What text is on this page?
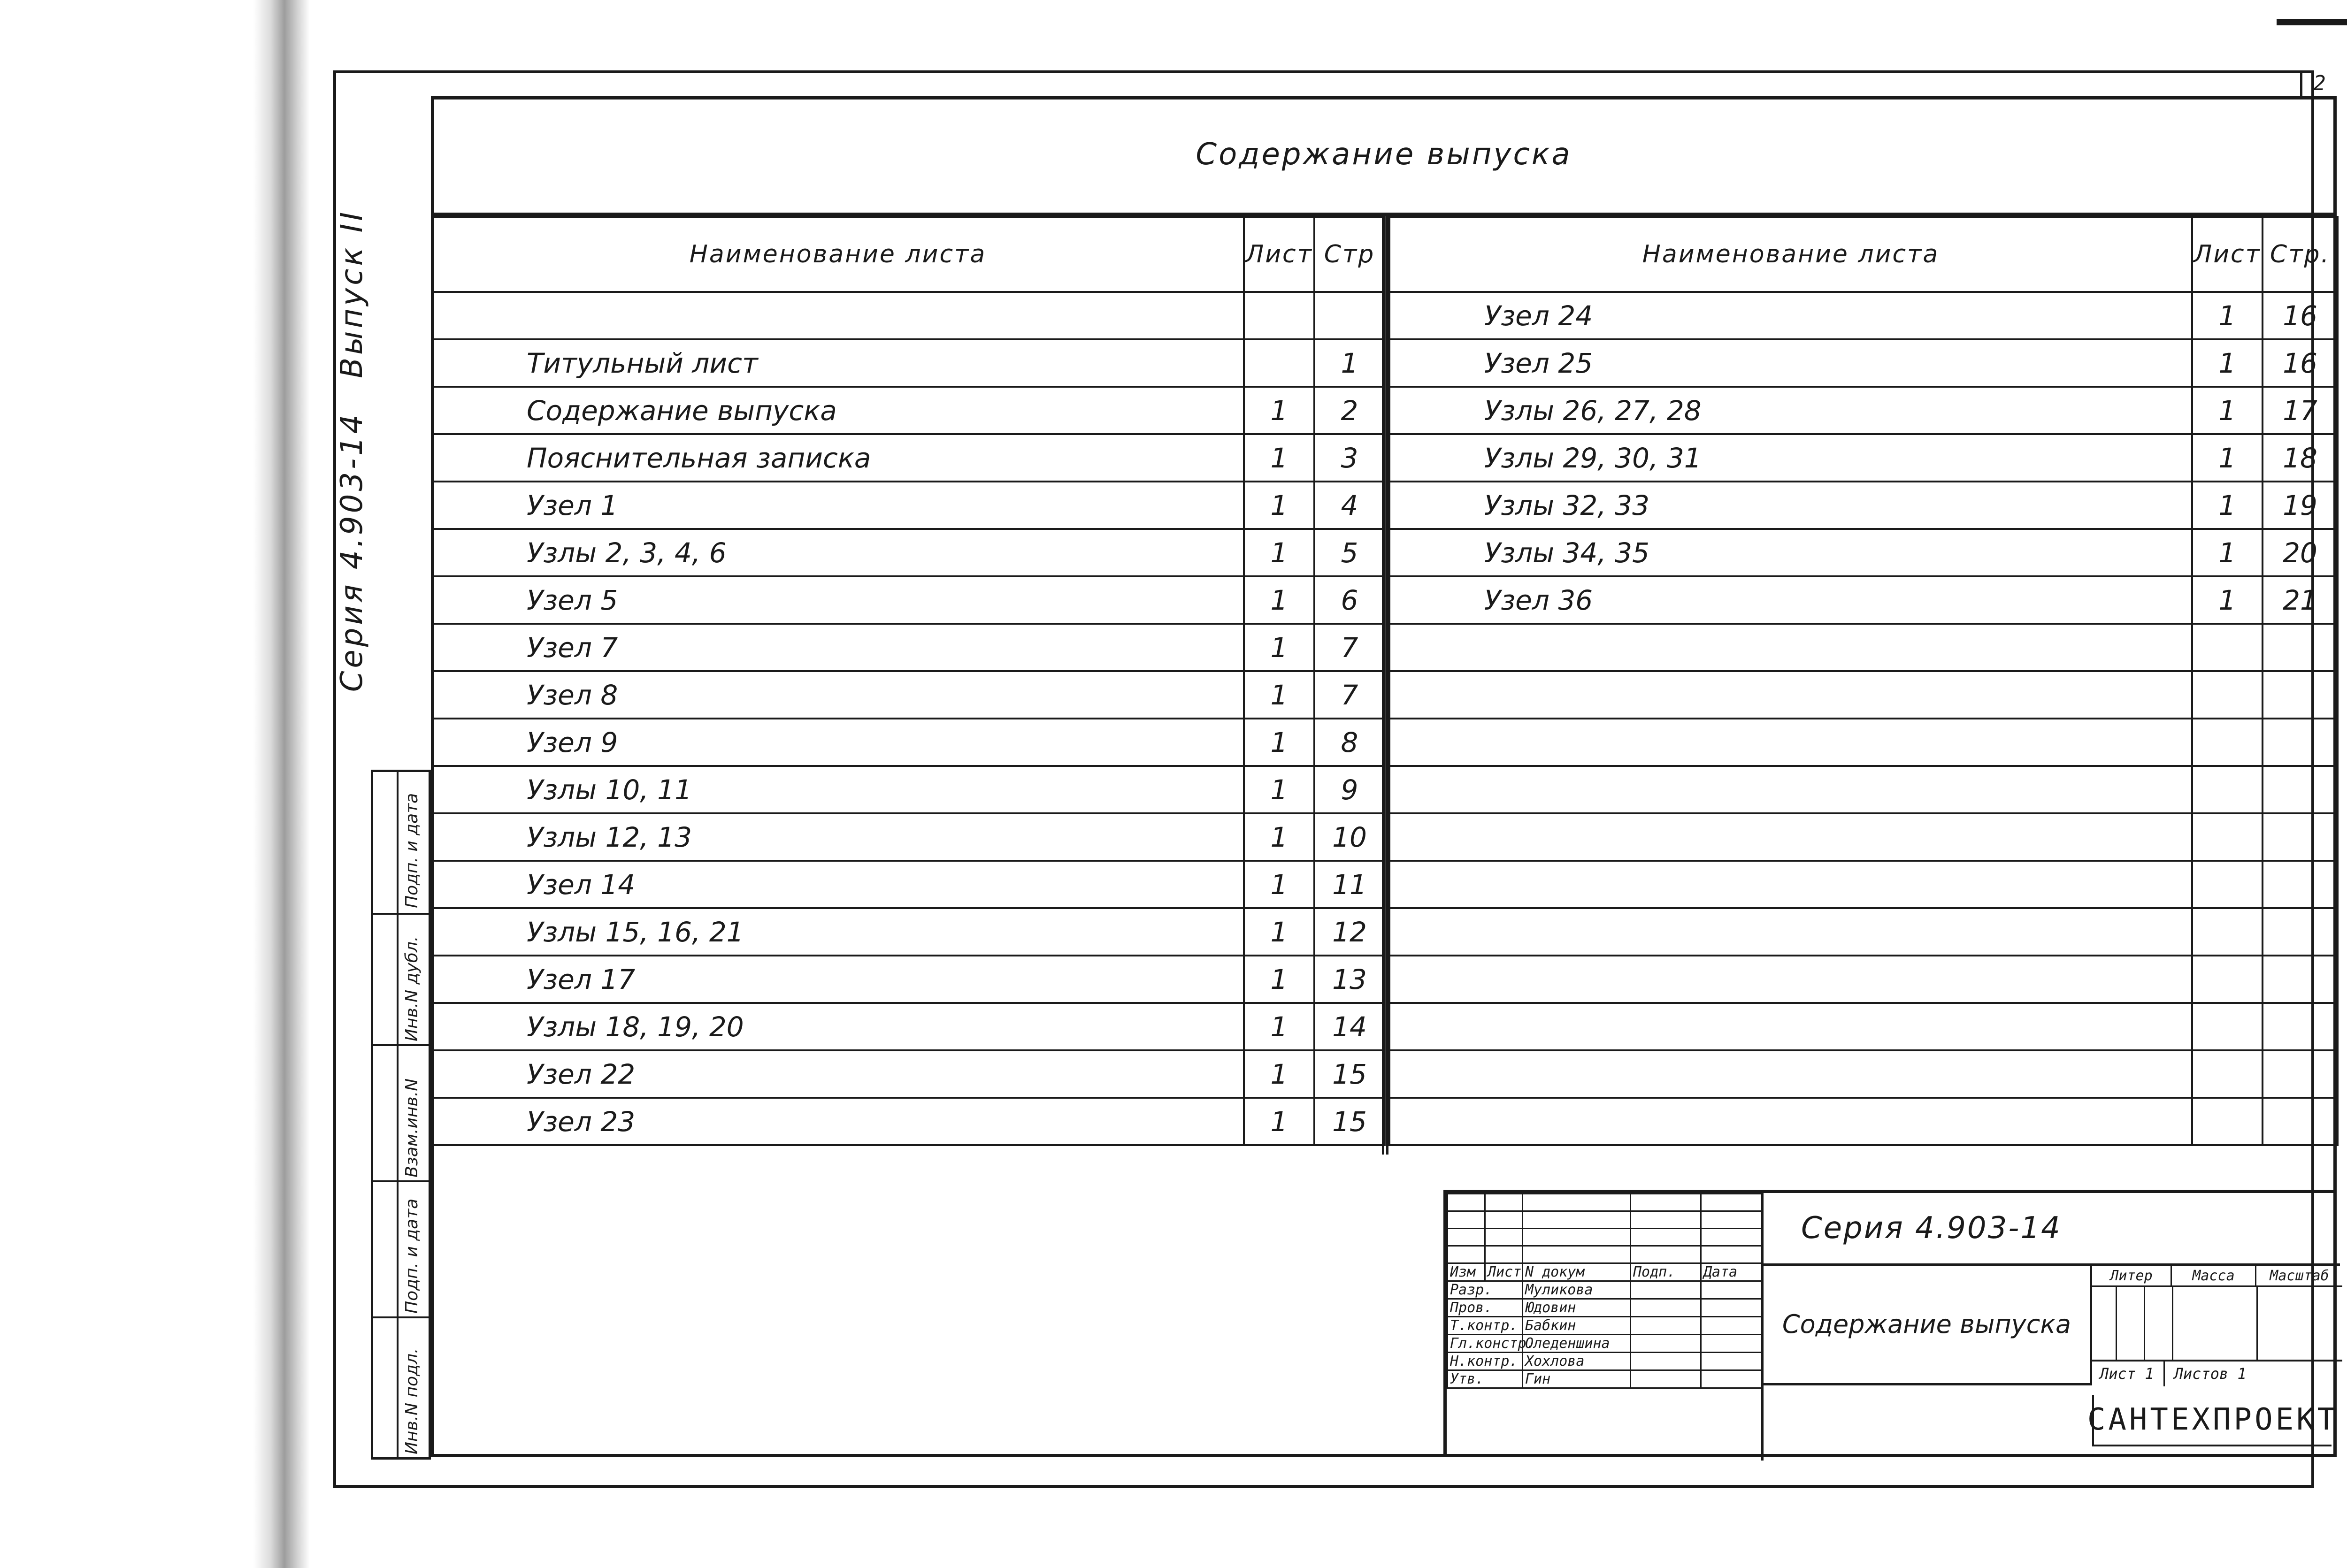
2
Содержание выпуска
Серия 4.903-14
Выпуск II
Подп. и дата
Инв.N дубл.
Взам.инв.N
Подп. и дата
Инв.N подл.
Наименование листа	Лист	Стр

Титульный лист		1
Содержание выпуска	1	2
Пояснительная записка	1	3
Узел 1	1	4
Узлы 2, 3, 4, 6	1	5
Узел 5	1	6
Узел 7	1	7
Узел 8	1	7
Узел 9	1	8
Узлы 10, 11	1	9
Узлы 12, 13	1	10
Узел 14	1	11
Узлы 15, 16, 21	1	12
Узел 17	1	13
Узлы 18, 19, 20	1	14
Узел 22	1	15
Узел 23	1	15
Наименование листа	Лист	Стр.
Узел 24	1	16
Узел 25	1	16
Узлы 26, 27, 28	1	17
Узлы 29, 30, 31	1	18
Узлы 32, 33	1	19
Узлы 34, 35	1	20
Узел 36	1	21

Изм	Лист	N докум	Подп.	Дата
Разр.		Муликова		
Пров.		Юдовин		
Т.контр.		Бабкин		
Гл.констр.		Оледеншина		
Н.контр.		Хохлова		
Утв.		Гин		
Серия 4.903-14
Содержание выпуска
Литер	Масса	Масштаб
Лист 1 Листов 1
САНТЕХПРОЕКТ
